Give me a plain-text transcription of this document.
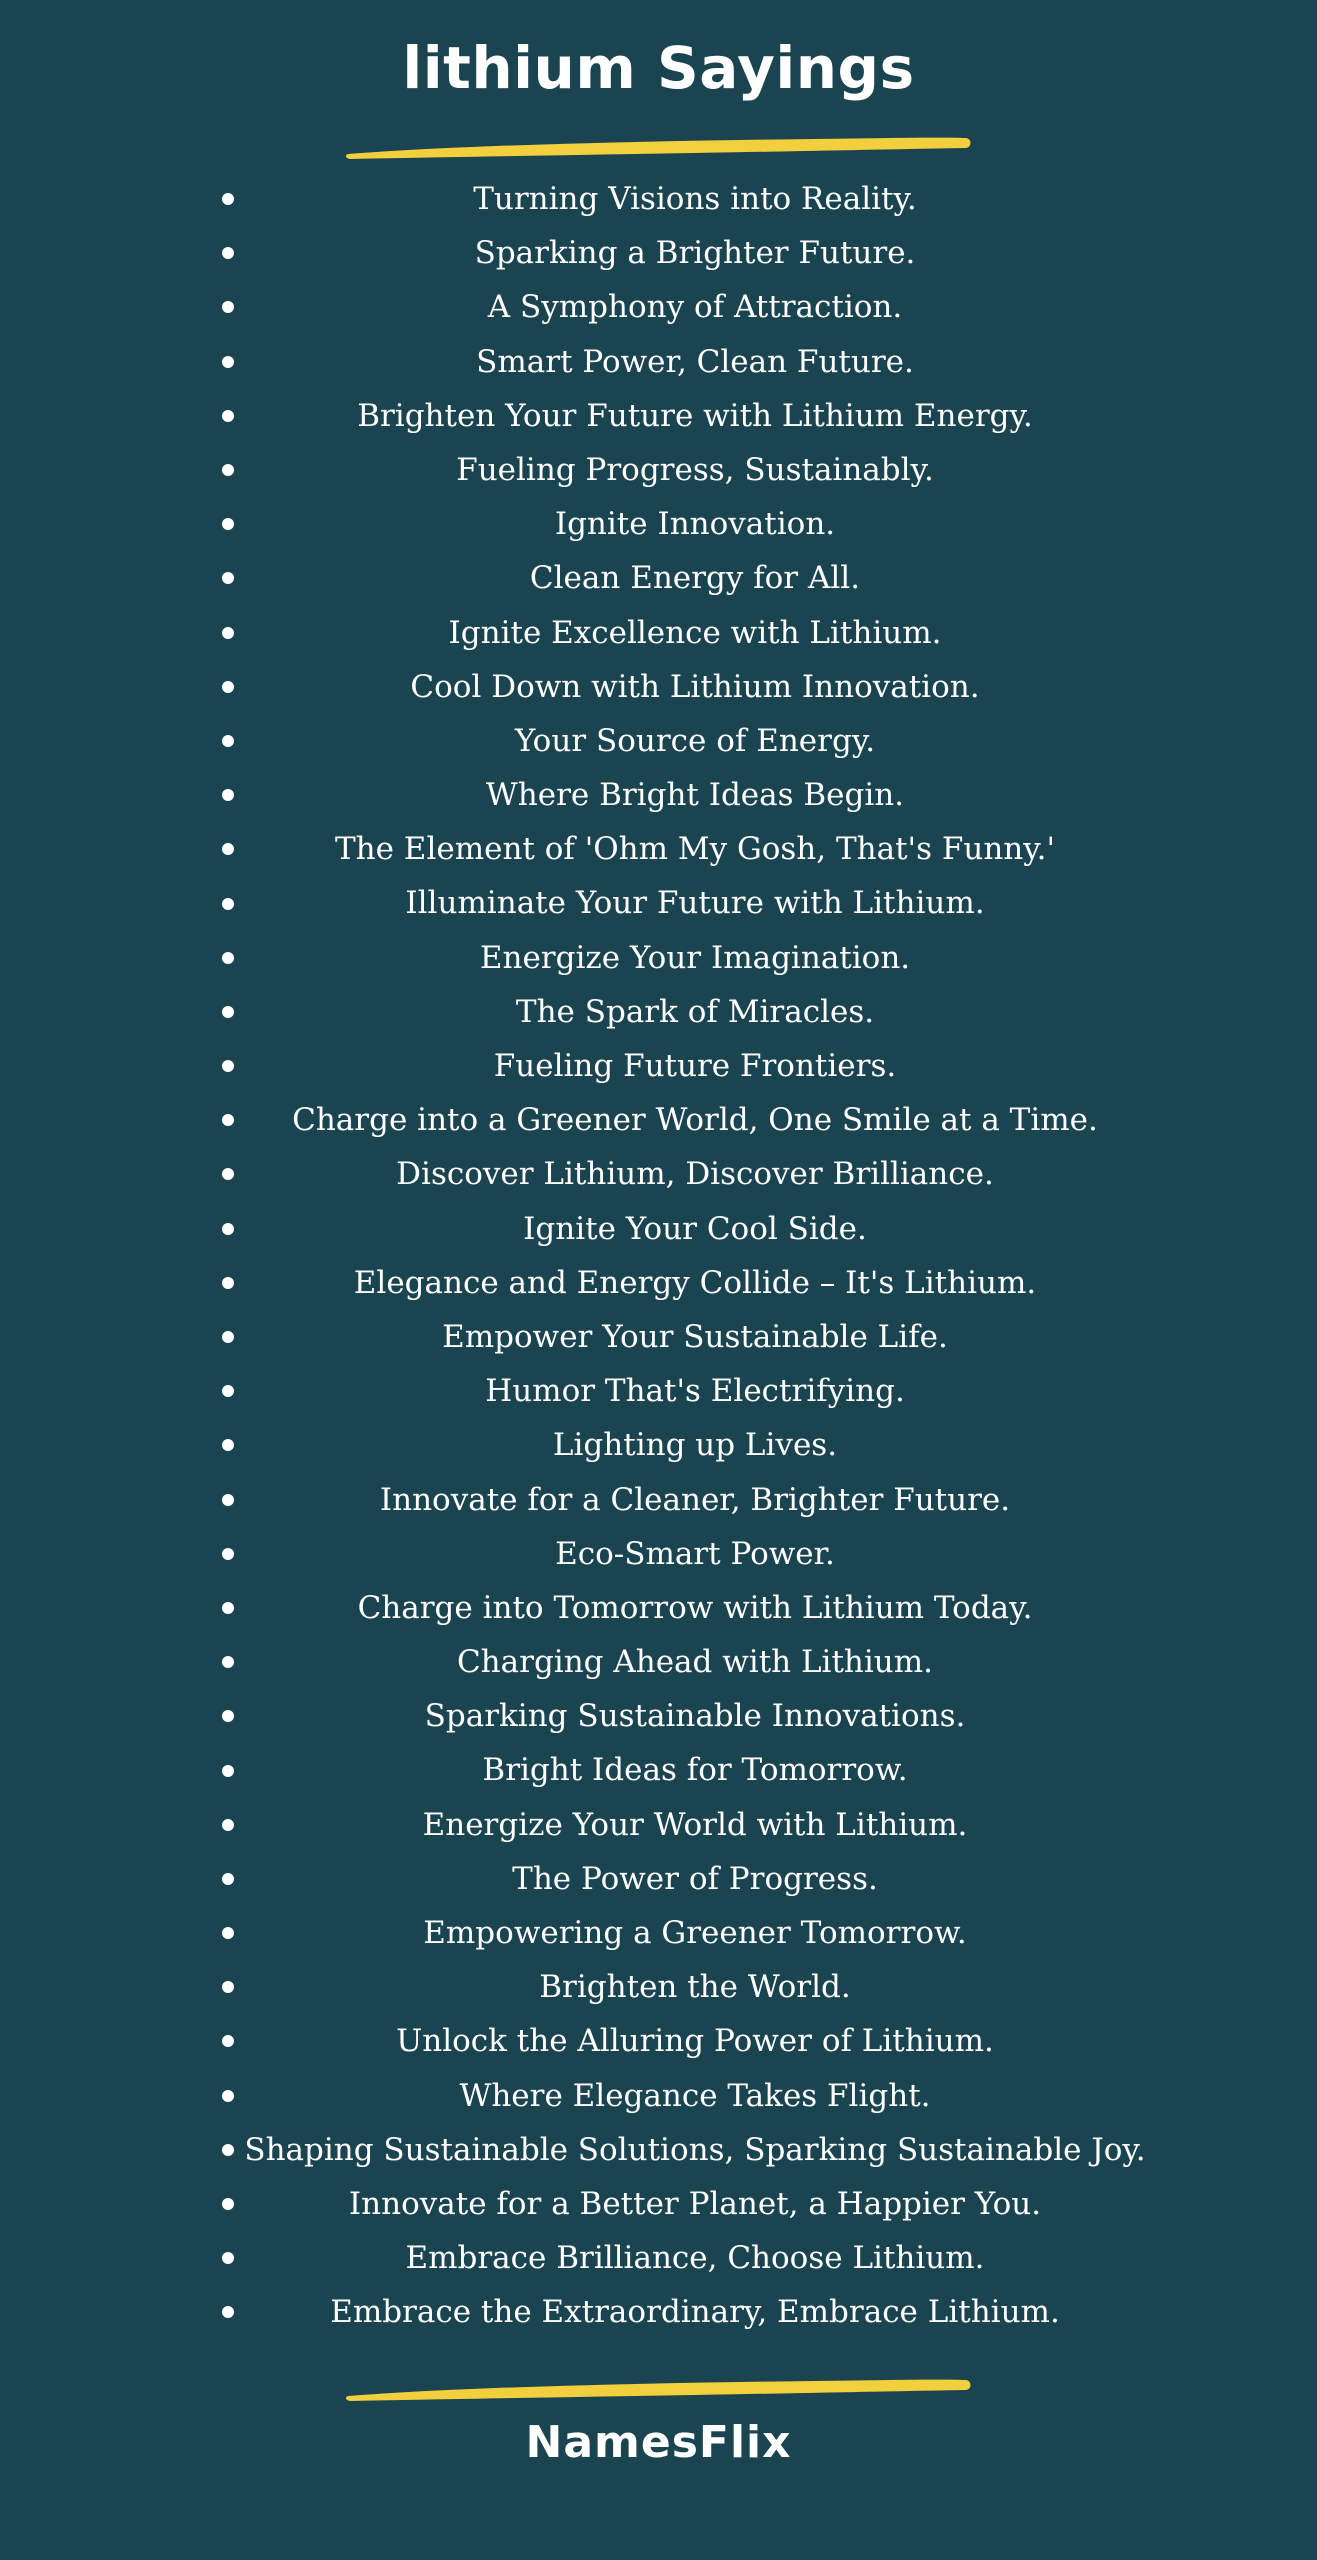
lithium Sayings
Turning Visions into Reality.
Sparking a Brighter Future.
A Symphony of Attraction.
Smart Power, Clean Future.
Brighten Your Future with Lithium Energy.
Fueling Progress, Sustainably.
Ignite Innovation.
Clean Energy for All.
Ignite Excellence with Lithium.
Cool Down with Lithium Innovation.
Your Source of Energy.
Where Bright Ideas Begin.
The Element of 'Ohm My Gosh, That's Funny.'
Illuminate Your Future with Lithium.
Energize Your Imagination.
The Spark of Miracles.
Fueling Future Frontiers.
Charge into a Greener World, One Smile at a Time.
Discover Lithium, Discover Brilliance.
Ignite Your Cool Side.
Elegance and Energy Collide – It's Lithium.
Empower Your Sustainable Life.
Humor That's Electrifying.
Lighting up Lives.
Innovate for a Cleaner, Brighter Future.
Eco-Smart Power.
Charge into Tomorrow with Lithium Today.
Charging Ahead with Lithium.
Sparking Sustainable Innovations.
Bright Ideas for Tomorrow.
Energize Your World with Lithium.
The Power of Progress.
Empowering a Greener Tomorrow.
Brighten the World.
Unlock the Alluring Power of Lithium.
Where Elegance Takes Flight.
Shaping Sustainable Solutions, Sparking Sustainable Joy.
Innovate for a Better Planet, a Happier You.
Embrace Brilliance, Choose Lithium.
Embrace the Extraordinary, Embrace Lithium.
NamesFlix
